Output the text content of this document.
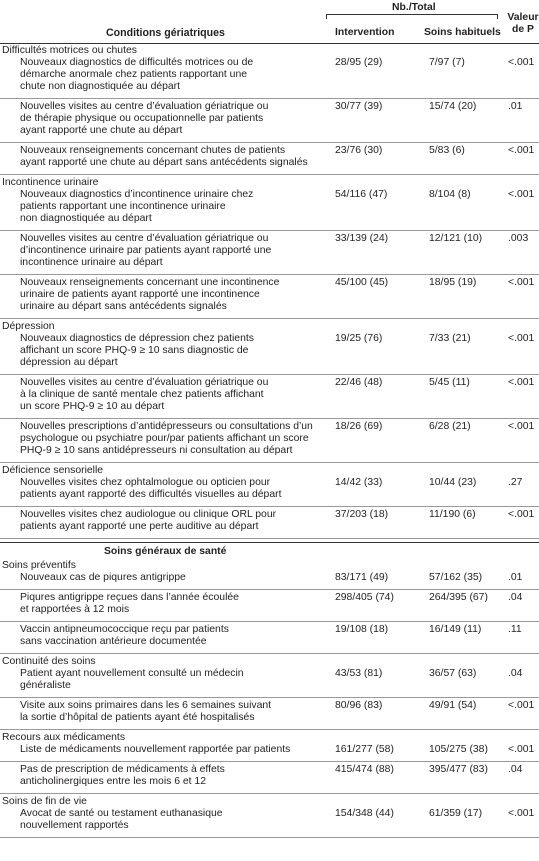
Conditions gériatriques
Nb./Total
Intervention	Soins habituels
Valeur
de P
Difficultés motrices ou chutes
Nouveaux diagnostics de difficultés motrices ou de
démarche anormale chez patients rapportant une
chute non diagnostiquée au départ
28/95 (29)	7/97 (7)	<.001
Nouvelles visites au centre d’évaluation gériatrique ou
de thérapie physique ou occupationnelle par patients
ayant rapporté une chute au départ
30/77 (39)	15/74 (20)	.01
Nouveaux renseignements concernant chutes de patients
ayant rapporté une chute au départ sans antécédents signalés
23/76 (30)	5/83 (6)	<.001
Incontinence urinaire
Nouveaux diagnostics d’incontinence urinaire chez
patients rapportant une incontinence urinaire
non diagnostiquée au départ
54/116 (47)	8/104 (8)	<.001
Nouvelles visites au centre d’évaluation gériatrique ou
d’incontinence urinaire par patients ayant rapporté une
incontinence urinaire au départ
33/139 (24)	12/121 (10)	.003
Nouveaux renseignements concernant une incontinence
urinaire de patients ayant rapporté une incontinence
urinaire au départ sans antécédents signalés
45/100 (45)	18/95 (19)	<.001
Dépression
Nouveaux diagnostics de dépression chez patients
affichant un score PHQ-9 ≥ 10 sans diagnostic de
dépression au départ
19/25 (76)	7/33 (21)	<.001
Nouvelles visites au centre d’évaluation gériatrique ou
à la clinique de santé mentale chez patients affichant
un score PHQ-9 ≥ 10 au départ
22/46 (48)	5/45 (11)	<.001
Nouvelles prescriptions d’antidépresseurs ou consultations d’un
psychologue ou psychiatre pour/par patients affichant un score
PHQ-9 ≥ 10 sans antidépresseurs ni consultation au départ
18/26 (69)	6/28 (21)	<.001
Déficience sensorielle
Nouvelles visites chez ophtalmologue ou opticien pour
patients ayant rapporté des difficultés visuelles au départ
14/42 (33)	10/44 (23)	.27
Nouvelles visites chez audiologue ou clinique ORL pour
patients ayant rapporté une perte auditive au départ
37/203 (18)	11/190 (6)	<.001
Soins généraux de santé
Soins préventifs
Nouveaux cas de piqures antigrippe	83/171 (49)	57/162 (35)	.01
Piqures antigrippe reçues dans l’année écoulée
et rapportées à 12 mois
298/405 (74)	264/395 (67)	.04
Vaccin antipneumococcique reçu par patients
sans vaccination antérieure documentée
19/108 (18)	16/149 (11)	.11
Continuité des soins
Patient ayant nouvellement consulté un médecin
généraliste
43/53 (81)	36/57 (63)	.04
Visite aux soins primaires dans les 6 semaines suivant
la sortie d’hôpital de patients ayant été hospitalisés
80/96 (83)	49/91 (54)	<.001
Recours aux médicaments
Liste de médicaments nouvellement rapportée par patients	161/277 (58)	105/275 (38)	<.001
Pas de prescription de médicaments à effets
anticholinergiques entre les mois 6 et 12
415/474 (88)	395/477 (83)	.04
Soins de fin de vie
Avocat de santé ou testament euthanasique
nouvellement rapportés
154/348 (44)	61/359 (17)	<.001
